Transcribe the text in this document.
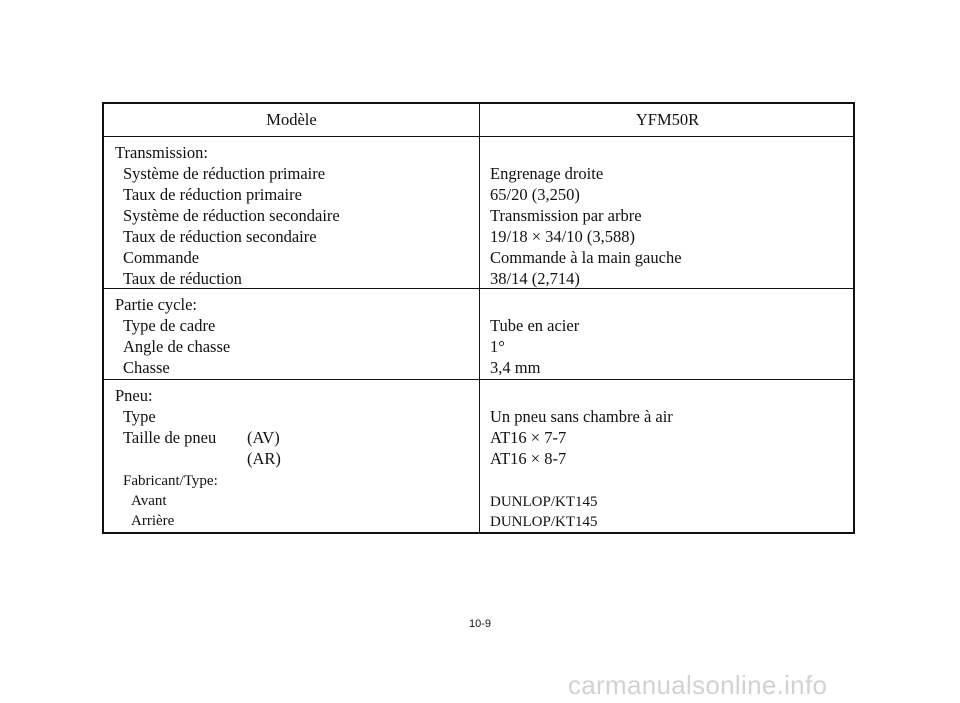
Modèle	YFM50R
Transmission:
Système de réduction primaire	Engrenage droite
Taux de réduction primaire	65/20 (3,250)
Système de réduction secondaire	Transmission par arbre
Taux de réduction secondaire	19/18 × 34/10 (3,588)
Commande	Commande à la main gauche
Taux de réduction	38/14 (2,714)
Partie cycle:
Type de cadre	Tube en acier
Angle de chasse	1°
Chasse	3,4 mm
Pneu:
Type	Un pneu sans chambre à air
Taille de pneu (AV)	AT16 × 7-7
(AR)	AT16 × 8-7
Fabricant/Type:
Avant	DUNLOP/KT145
Arrière	DUNLOP/KT145
10-9
carmanualsonline.info
